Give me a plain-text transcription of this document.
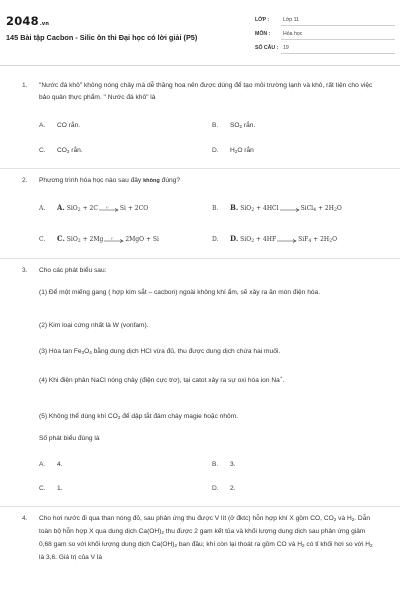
2048.vn
145 Bài tập Cacbon - Silic ôn thi Đại học có lời giải (P5)
LỚP :	Lớp 11
MÔN : Hóa học
SỐ CÂU : 19
1. "Nước đá khô" không nóng chảy mà dễ thăng hoa nên được dùng để tạo môi trường lạnh và khô, rất tiện cho việc bảo quản thực phẩm. " Nước đá khô" là
A. CO rắn.	B. $SO_2$ rắn.
C. $CO_2$ rắn.	D. $H_2O$ rắn
2. Phương trình hóa học nào sau đây không đúng?
A. A. SiO$_2$ + 2C	t° Si + 2CO	B. B. SiO$_2$ + 4HCl→SiCl$_4$ + $2H_2O$
C. C. SiO$_2$ + 2Mg	t° 2MgO + Si	D. D. $SiO_2 + 4HF\to SiF_4 + 2H_2O$
3. Cho các phát biểu sau:
(1) Để một miếng gang ( hợp kim sắt – cacbon) ngoài không khí ẩm, sẽ xảy ra ăn mòn điện hóa.
(2) Kim loại cứng nhất là W (vonfam).
(3) Hòa $\tan Fe_3O_4$ bằng dung dịch HCl vừa đủ, thu được dung dịch chứa hai muối.
(4) Khi điện phân NaCl nóng chảy (điện cực trơ), tại catot xảy ra sự oxi hóa ion Na+.
(5) Không thể dùng khí $CO_2$ để dập tắt đám cháy magie hoặc nhôm.
Số phát biểu đúng là
A. 4.	B. 3.
C. 1.	D. 2.
4. Cho hơi nước đi qua than nóng đỏ, sau phản ứng thu được V lít (ở đktc) hỗn hợp khí X gồm CO, $CO_2$ và $H_2$. Dẫn toàn bộ hỗn hợp X qua dung dịch $Ca(OH)_2$ thu được 2 gam kết tủa và khối lượng dung dịch sau phản ứng giảm 0,68 gam so với khối lượng dung dịch $Ca(OH)_2$ ban đầu; khí còn lại thoát ra gồm CO và $H_2$ có tỉ khối hơi so với $H_2$ là 3,6. Giá trị của V là
